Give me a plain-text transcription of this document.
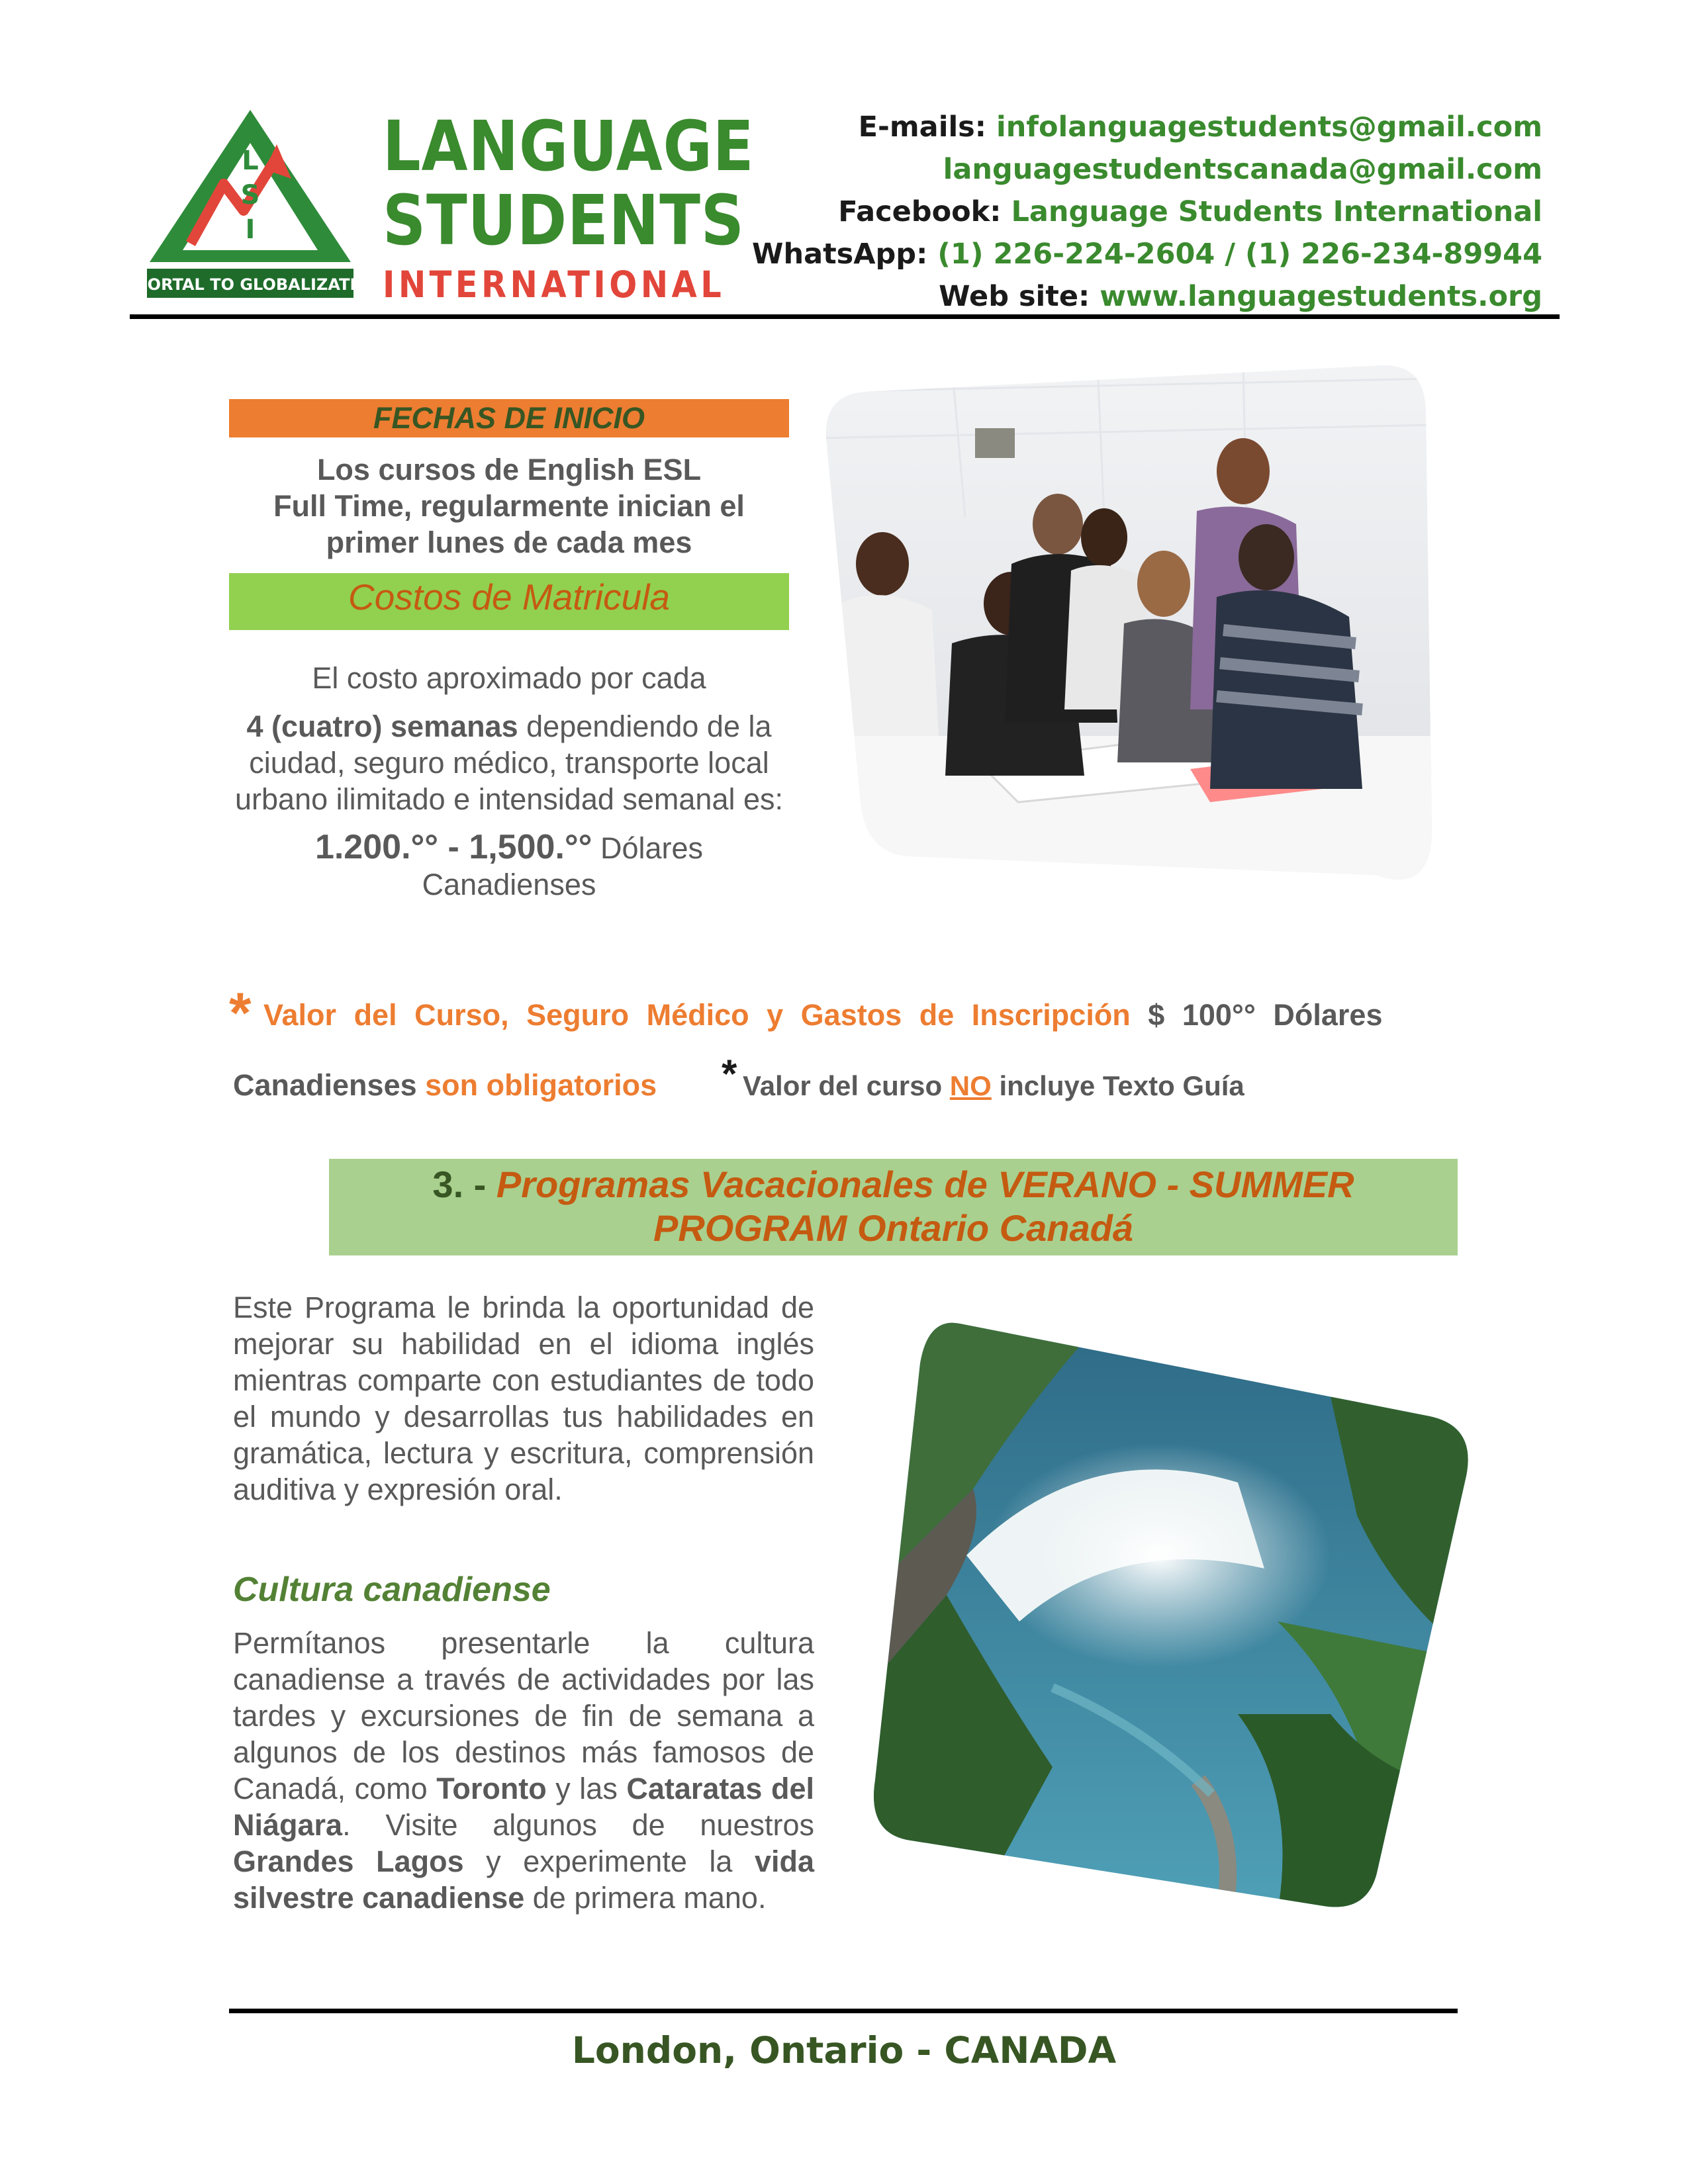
L
S
I
A PORTAL TO GLOBALIZATION
LANGUAGE
STUDENTS
INTERNATIONAL
E-mails: infolanguagestudents@gmail.com
languagestudentscanada@gmail.com
Facebook: Language Students International
WhatsApp: (1) 226-224-2604 / (1) 226-234-89944
Web site: www.languagestudents.org
FECHAS DE INICIO
Los cursos de English ESL
Full Time, regularmente inician el
primer lunes de cada mes
Costos de Matricula

El costo aproximado por cada

4 (cuatro) semanas dependiendo de la ciudad, seguro médico, transporte local urbano ilimitado e intensidad semanal es:

1.200.°° - 1,500.°° Dólares Canadienses

* Valor del Curso, Seguro Médico y Gastos de Inscripción $ 100°° Dólares
Canadienses son obligatorios * Valor del curso NO incluye Texto Guía
3. - Programas Vacacionales de VERANO - SUMMER
PROGRAM Ontario Canadá

Este Programa le brinda la oportunidad de mejorar su habilidad en el idioma inglés mientras comparte con estudiantes de todo el mundo y desarrollas tus habilidades en gramática, lectura y escritura, comprensión auditiva y expresión oral.

Cultura canadiense

Permítanos presentarle la cultura canadiense a través de actividades por las tardes y excursiones de fin de semana a algunos de los destinos más famosos de Canadá, como Toronto y las Cataratas del Niágara. Visite algunos de nuestros Grandes Lagos y experimente la vida silvestre canadiense de primera mano.

London, Ontario - CANADA
